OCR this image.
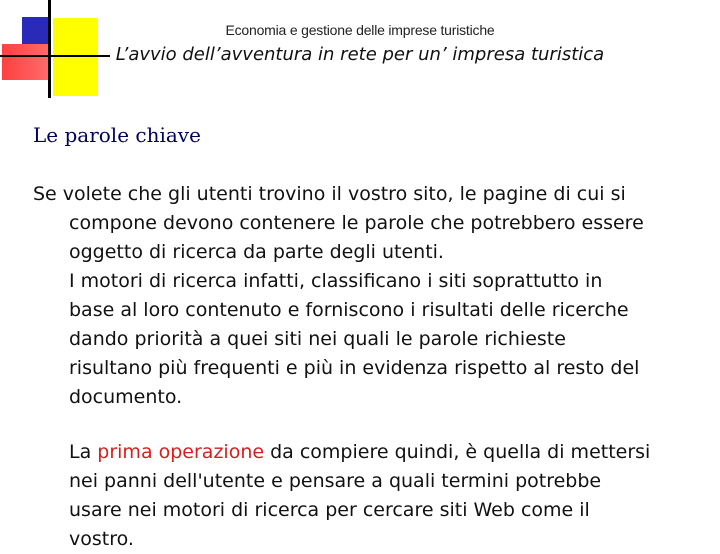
Economia e gestione delle imprese turistiche
L’avvio dell’avventura in rete per un’ impresa turistica
Le parole chiave
Se volete che gli utenti trovino il vostro sito, le pagine di cui si
compone devono contenere le parole che potrebbero essere
oggetto di ricerca da parte degli utenti.
I motori di ricerca infatti, classificano i siti soprattutto in
base al loro contenuto e forniscono i risultati delle ricerche
dando priorità a quei siti nei quali le parole richieste
risultano più frequenti e più in evidenza rispetto al resto del
documento.
La prima operazione da compiere quindi, è quella di mettersi
nei panni dell'utente e pensare a quali termini potrebbe
usare nei motori di ricerca per cercare siti Web come il
vostro.
